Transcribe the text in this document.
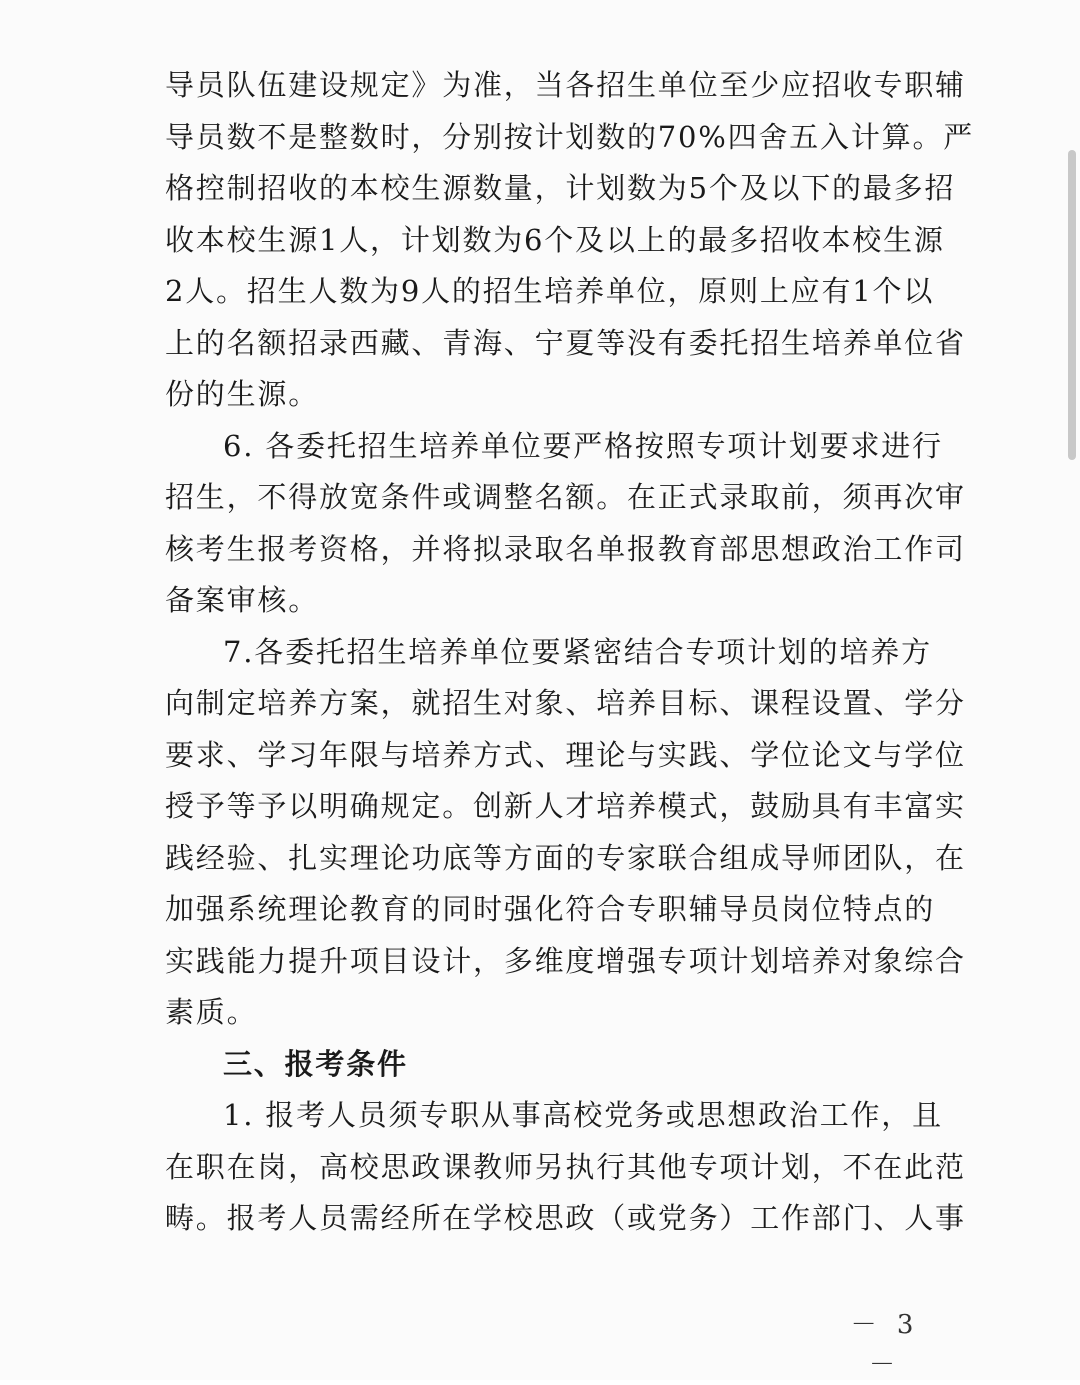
导员队伍建设规定》为准，当各招生单位至少应招收专职辅
导员数不是整数时，分别按计划数的70%四舍五入计算。严
格控制招收的本校生源数量，计划数为5个及以下的最多招
收本校生源1人，计划数为6个及以上的最多招收本校生源
2人。招生人数为9人的招生培养单位，原则上应有1个以
上的名额招录西藏、青海、宁夏等没有委托招生培养单位省
份的生源。
6. 各委托招生培养单位要严格按照专项计划要求进行
招生，不得放宽条件或调整名额。在正式录取前，须再次审
核考生报考资格，并将拟录取名单报教育部思想政治工作司
备案审核。
7.各委托招生培养单位要紧密结合专项计划的培养方
向制定培养方案，就招生对象、培养目标、课程设置、学分
要求、学习年限与培养方式、理论与实践、学位论文与学位
授予等予以明确规定。创新人才培养模式，鼓励具有丰富实
践经验、扎实理论功底等方面的专家联合组成导师团队，在
加强系统理论教育的同时强化符合专职辅导员岗位特点的
实践能力提升项目设计，多维度增强专项计划培养对象综合
素质。
三、报考条件
1. 报考人员须专职从事高校党务或思想政治工作，且
在职在岗，高校思政课教师另执行其他专项计划，不在此范
畴。报考人员需经所在学校思政（或党务）工作部门、人事
－ 3 －
